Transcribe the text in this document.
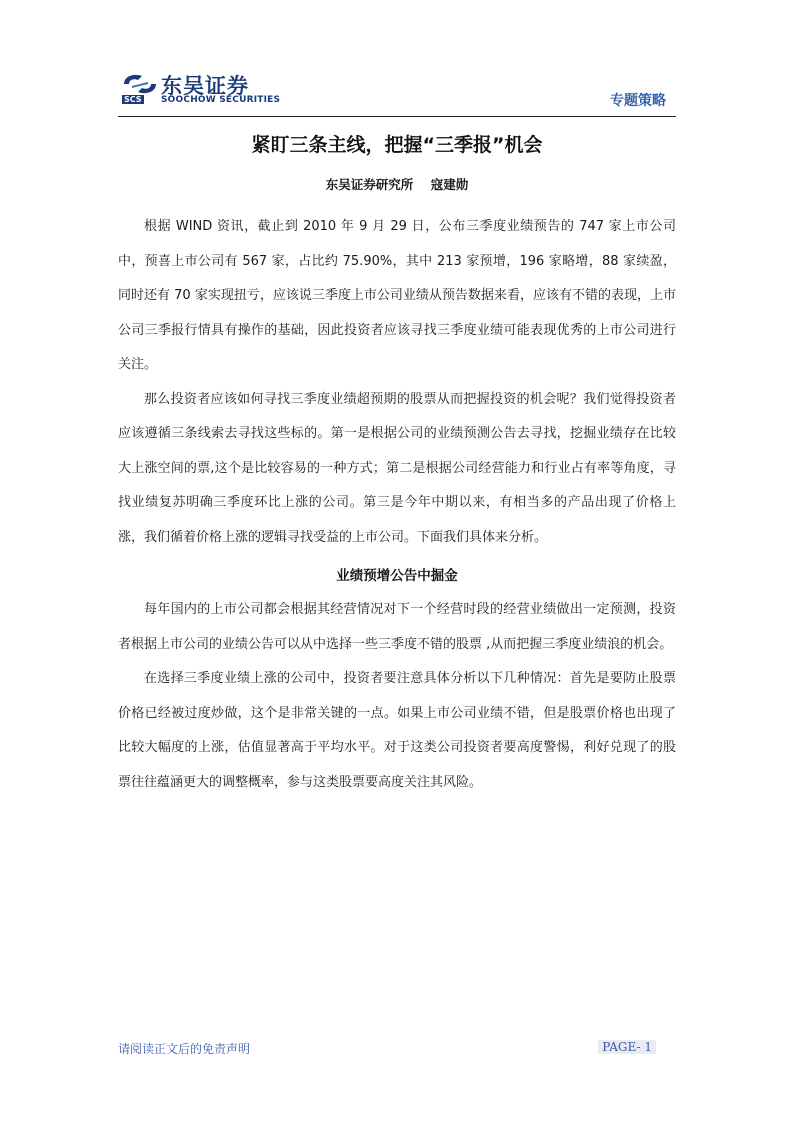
SCS
东吴证券
SOOCHOW SECURITIES	专题策略
紧盯三条主线，把握“三季报”机会
东吴证券研究所    寇建勋

根据 WIND 资讯，截止到 2010 年 9 月 29 日，公布三季度业绩预告的 747 家上市公司中，预喜上市公司有 567 家，占比约 75.90%，其中 213 家预增，196 家略增，88 家续盈，同时还有 70 家实现扭亏，应该说三季度上市公司业绩从预告数据来看，应该有不错的表现，上市公司三季报行情具有操作的基础，因此投资者应该寻找三季度业绩可能表现优秀的上市公司进行关注。

那么投资者应该如何寻找三季度业绩超预期的股票从而把握投资的机会呢？我们觉得投资者应该遵循三条线索去寻找这些标的。第一是根据公司的业绩预测公告去寻找，挖掘业绩存在比较大上涨空间的票,这个是比较容易的一种方式；第二是根据公司经营能力和行业占有率等角度，寻找业绩复苏明确三季度环比上涨的公司。第三是今年中期以来，有相当多的产品出现了价格上涨，我们循着价格上涨的逻辑寻找受益的上市公司。下面我们具体来分析。

业绩预增公告中掘金

每年国内的上市公司都会根据其经营情况对下一个经营时段的经营业绩做出一定预测，投资者根据上市公司的业绩公告可以从中选择一些三季度不错的股票 ,从而把握三季度业绩浪的机会。

在选择三季度业绩上涨的公司中，投资者要注意具体分析以下几种情况：首先是要防止股票价格已经被过度炒做，这个是非常关键的一点。如果上市公司业绩不错，但是股票价格也出现了比较大幅度的上涨，估值显著高于平均水平。对于这类公司投资者要高度警惕，利好兑现了的股票往往蕴涵更大的调整概率，参与这类股票要高度关注其风险。

请阅读正文后的免责声明	PAGE- 1
